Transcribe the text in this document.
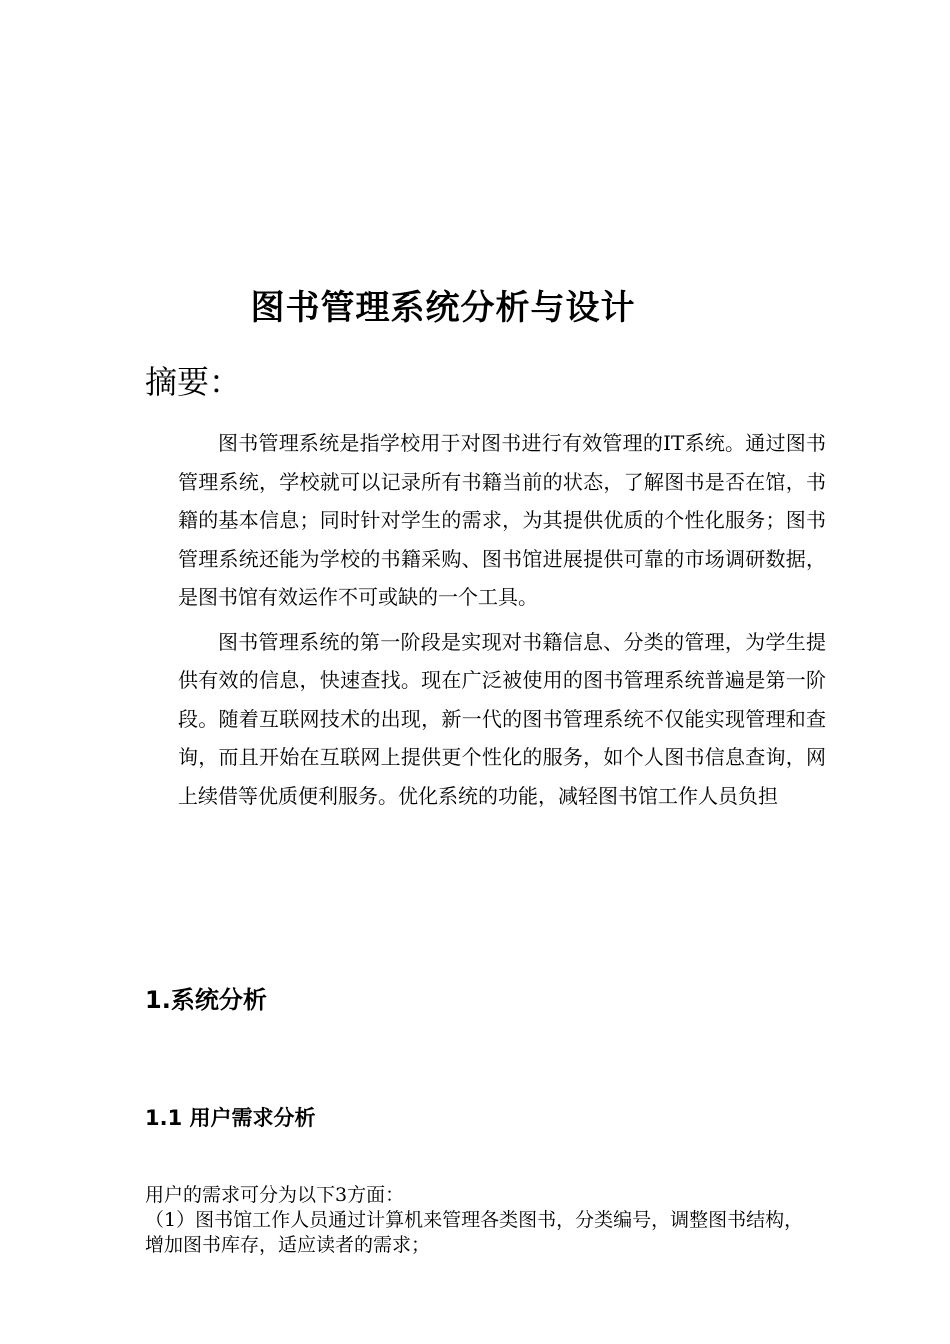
图书管理系统分析与设计
摘要：

图书管理系统是指学校用于对图书进行有效管理的IT系统。通过图书管理系统，学校就可以记录所有书籍当前的状态，了解图书是否在馆，书籍的基本信息；同时针对学生的需求，为其提供优质的个性化服务；图书管理系统还能为学校的书籍采购、图书馆进展提供可靠的市场调研数据，是图书馆有效运作不可或缺的一个工具。

图书管理系统的第一阶段是实现对书籍信息、分类的管理，为学生提供有效的信息，快速查找。现在广泛被使用的图书管理系统普遍是第一阶段。随着互联网技术的出现，新一代的图书管理系统不仅能实现管理和查询，而且开始在互联网上提供更个性化的服务，如个人图书信息查询，网上续借等优质便利服务。优化系统的功能，减轻图书馆工作人员负担

1.系统分析
1.1 用户需求分析

用户的需求可分为以下3方面：

（1）图书馆工作人员通过计算机来管理各类图书，分类编号，调整图书结构，增加图书库存，适应读者的需求；
